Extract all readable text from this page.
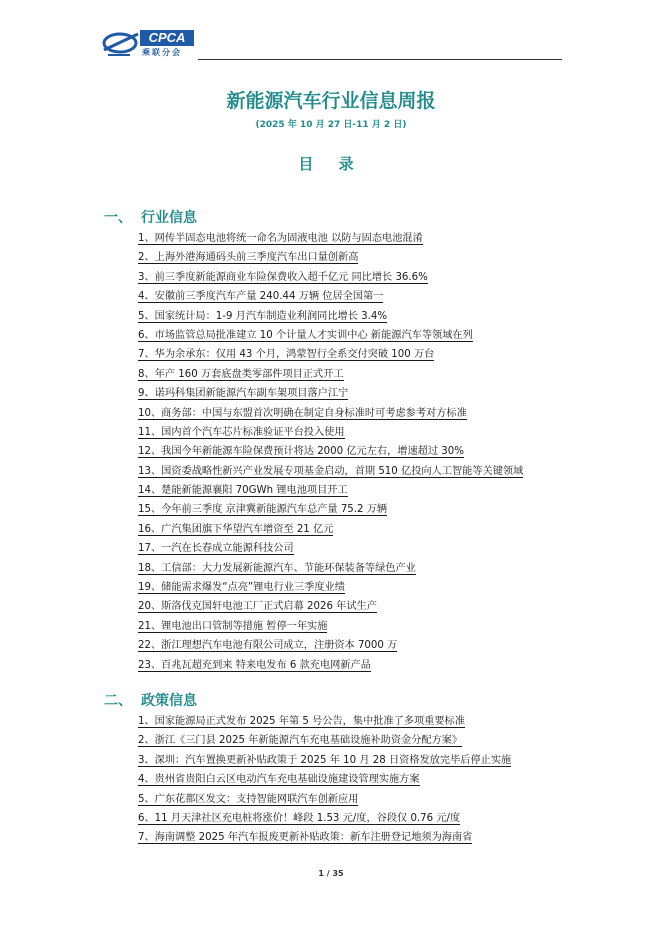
CPCA
乘联分会
新能源汽车行业信息周报
(2025 年 10 月 27 日-11 月 2 日)
目 录
一、 行业信息
1、网传半固态电池将统一命名为固液电池 以防与固态电池混淆
2、上海外港海通码头前三季度汽车出口量创新高
3、前三季度新能源商业车险保费收入超千亿元 同比增长 36.6%
4、安徽前三季度汽车产量 240.44 万辆 位居全国第一
5、国家统计局：1-9 月汽车制造业利润同比增长 3.4%
6、市场监管总局批准建立 10 个计量人才实训中心 新能源汽车等领域在列
7、华为余承东：仅用 43 个月，鸿蒙智行全系交付突破 100 万台
8、年产 160 万套底盘类零部件项目正式开工
9、诺玛科集团新能源汽车副车架项目落户江宁
10、商务部：中国与东盟首次明确在制定自身标准时可考虑参考对方标准
11、国内首个汽车芯片标准验证平台投入使用
12、我国今年新能源车险保费预计将达 2000 亿元左右，增速超过 30%
13、国资委战略性新兴产业发展专项基金启动，首期 510 亿投向人工智能等关键领域
14、楚能新能源襄阳 70GWh 锂电池项目开工
15、今年前三季度 京津冀新能源汽车总产量 75.2 万辆
16、广汽集团旗下华望汽车增资至 21 亿元
17、一汽在长春成立能源科技公司
18、工信部：大力发展新能源汽车、节能环保装备等绿色产业
19、储能需求爆发“点亮”锂电行业三季度业绩
20、斯洛伐克国轩电池工厂正式启幕 2026 年试生产
21、锂电池出口管制等措施 暂停一年实施
22、浙江理想汽车电池有限公司成立，注册资本 7000 万
23、百兆瓦超充到来 特来电发布 6 款充电网新产品
二、 政策信息
1、国家能源局正式发布 2025 年第 5 号公告，集中批准了多项重要标准
2、浙江《三门县 2025 年新能源汽车充电基础设施补助资金分配方案》
3、深圳：汽车置换更新补贴政策于 2025 年 10 月 28 日资格发放完毕后停止实施
4、贵州省贵阳白云区电动汽车充电基础设施建设管理实施方案
5、广东花都区发文：支持智能网联汽车创新应用
6、11 月天津社区充电桩将涨价！峰段 1.53 元/度，谷段仅 0.76 元/度
7、海南调整 2025 年汽车报废更新补贴政策：新车注册登记地须为海南省
1 / 35
